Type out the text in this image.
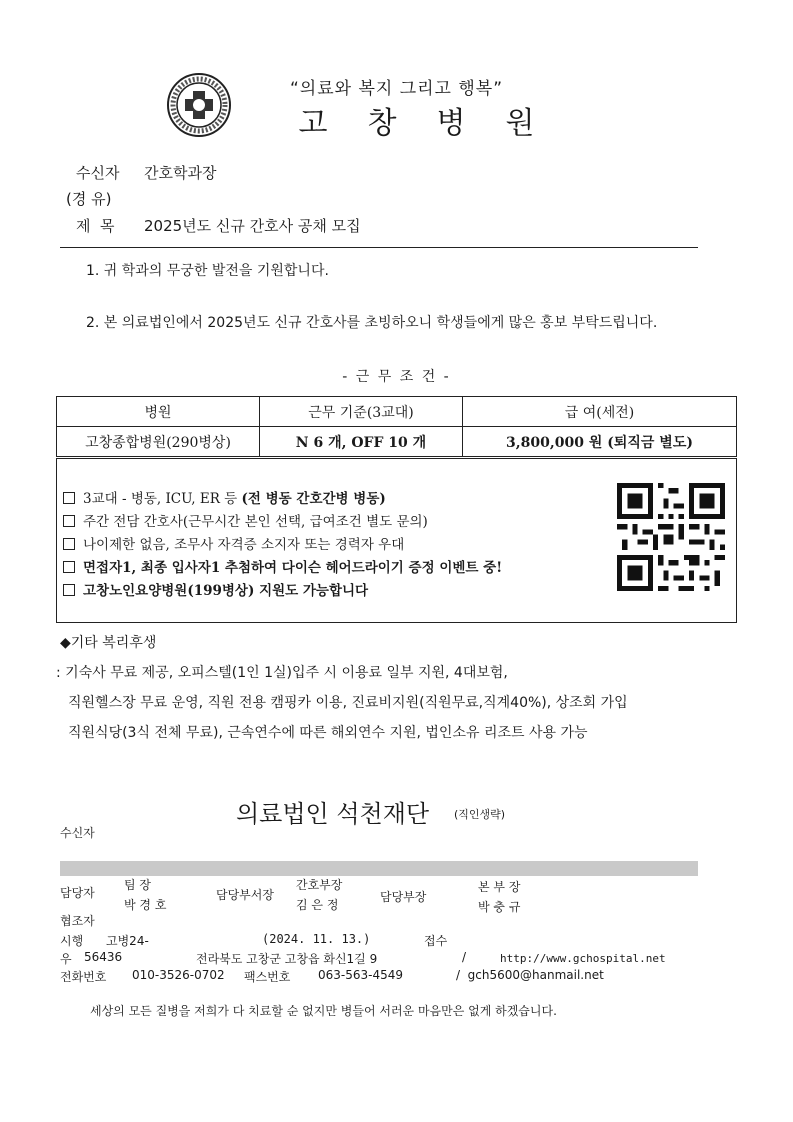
“의료와 복지 그리고 행복”
고창병원
수신자 간호학과장
(경 유)
제  목 2025년도 신규 간호사 공채 모집
1. 귀 학과의 무궁한 발전을 기원합니다.
2. 본 의료법인에서 2025년도 신규 간호사를 초빙하오니 학생들에게 많은 홍보 부탁드립니다.
- 근 무 조 건 -
병원	근무 기준(3교대)	급 여(세전)
고창종합병원(290병상)	N 6 개, OFF 10 개	3,800,000 원 (퇴직금 별도)
3교대 - 병동, ICU, ER 등 (전 병동 간호간병 병동)
주간 전담 간호사(근무시간 본인 선택, 급여조건 별도 문의)
나이제한 없음, 조무사 자격증 소지자 또는 경력자 우대
면접자1, 최종 입사자1 추첨하여 다이슨 헤어드라이기 증정 이벤트 중!
고창노인요양병원(199병상) 지원도 가능합니다
◆기타 복리후생
: 기숙사 무료 제공, 오피스텔(1인 1실)입주 시 이용료 일부 지원, 4대보험,
직원헬스장 무료 운영, 직원 전용 캠핑카 이용, 진료비지원(직원무료,직계40%), 상조회 가입
직원식당(3식 전체 무료), 근속연수에 따른 해외연수 지원, 법인소유 리조트 사용 가능
의료법인 석천재단 (직인생략)
수신자
담당자
팀 장
박 경 호
담당부서장
간호부장
김 은 정
담당부장
본 부 장
박 충 규
협조자
시행 고병24-	(2024. 11. 13.)	접수
우 56436	전라북도 고창군 고창읍 화신1길 9	/	http://www.gchospital.net
전화번호 010-3526-0702 팩스번호 063-563-4549	/  gch5600@hanmail.net
세상의 모든 질병을 저희가 다 치료할 순 없지만 병들어 서러운 마음만은 없게 하겠습니다.
